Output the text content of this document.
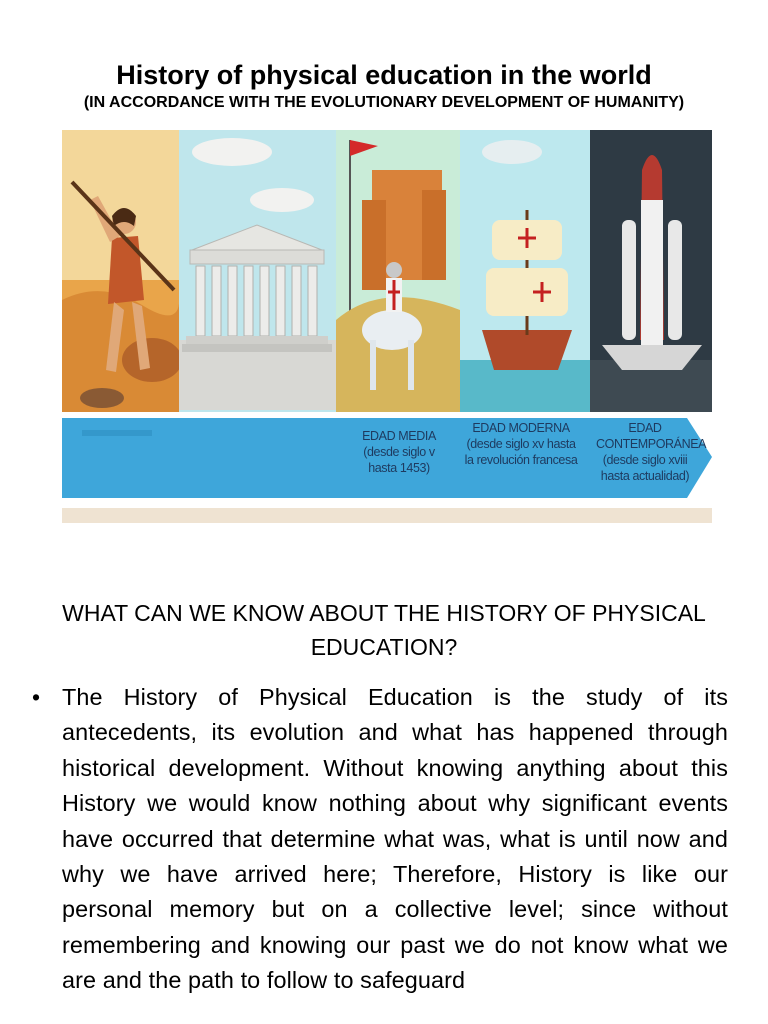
History of physical education in the world
(IN ACCORDANCE WITH THE EVOLUTIONARY DEVELOPMENT OF HUMANITY)
EDAD MEDIA
(desde siglo v hasta 1453)
EDAD MODERNA
(desde siglo xv hasta la revolución francesa
EDAD CONTEMPORÁNEA
(desde siglo xviii hasta actualidad)
WHAT CAN WE KNOW ABOUT THE HISTORY OF PHYSICAL EDUCATION?
• The History of Physical Education is the study of its antecedents, its evolution and what has happened through historical development. Without knowing anything about this History we would know nothing about why significant events have occurred that determine what was, what is until now and why we have arrived here; Therefore, History is like our personal memory but on a collective level; since without remembering and knowing our past we do not know what we are and the path to follow to safeguard
